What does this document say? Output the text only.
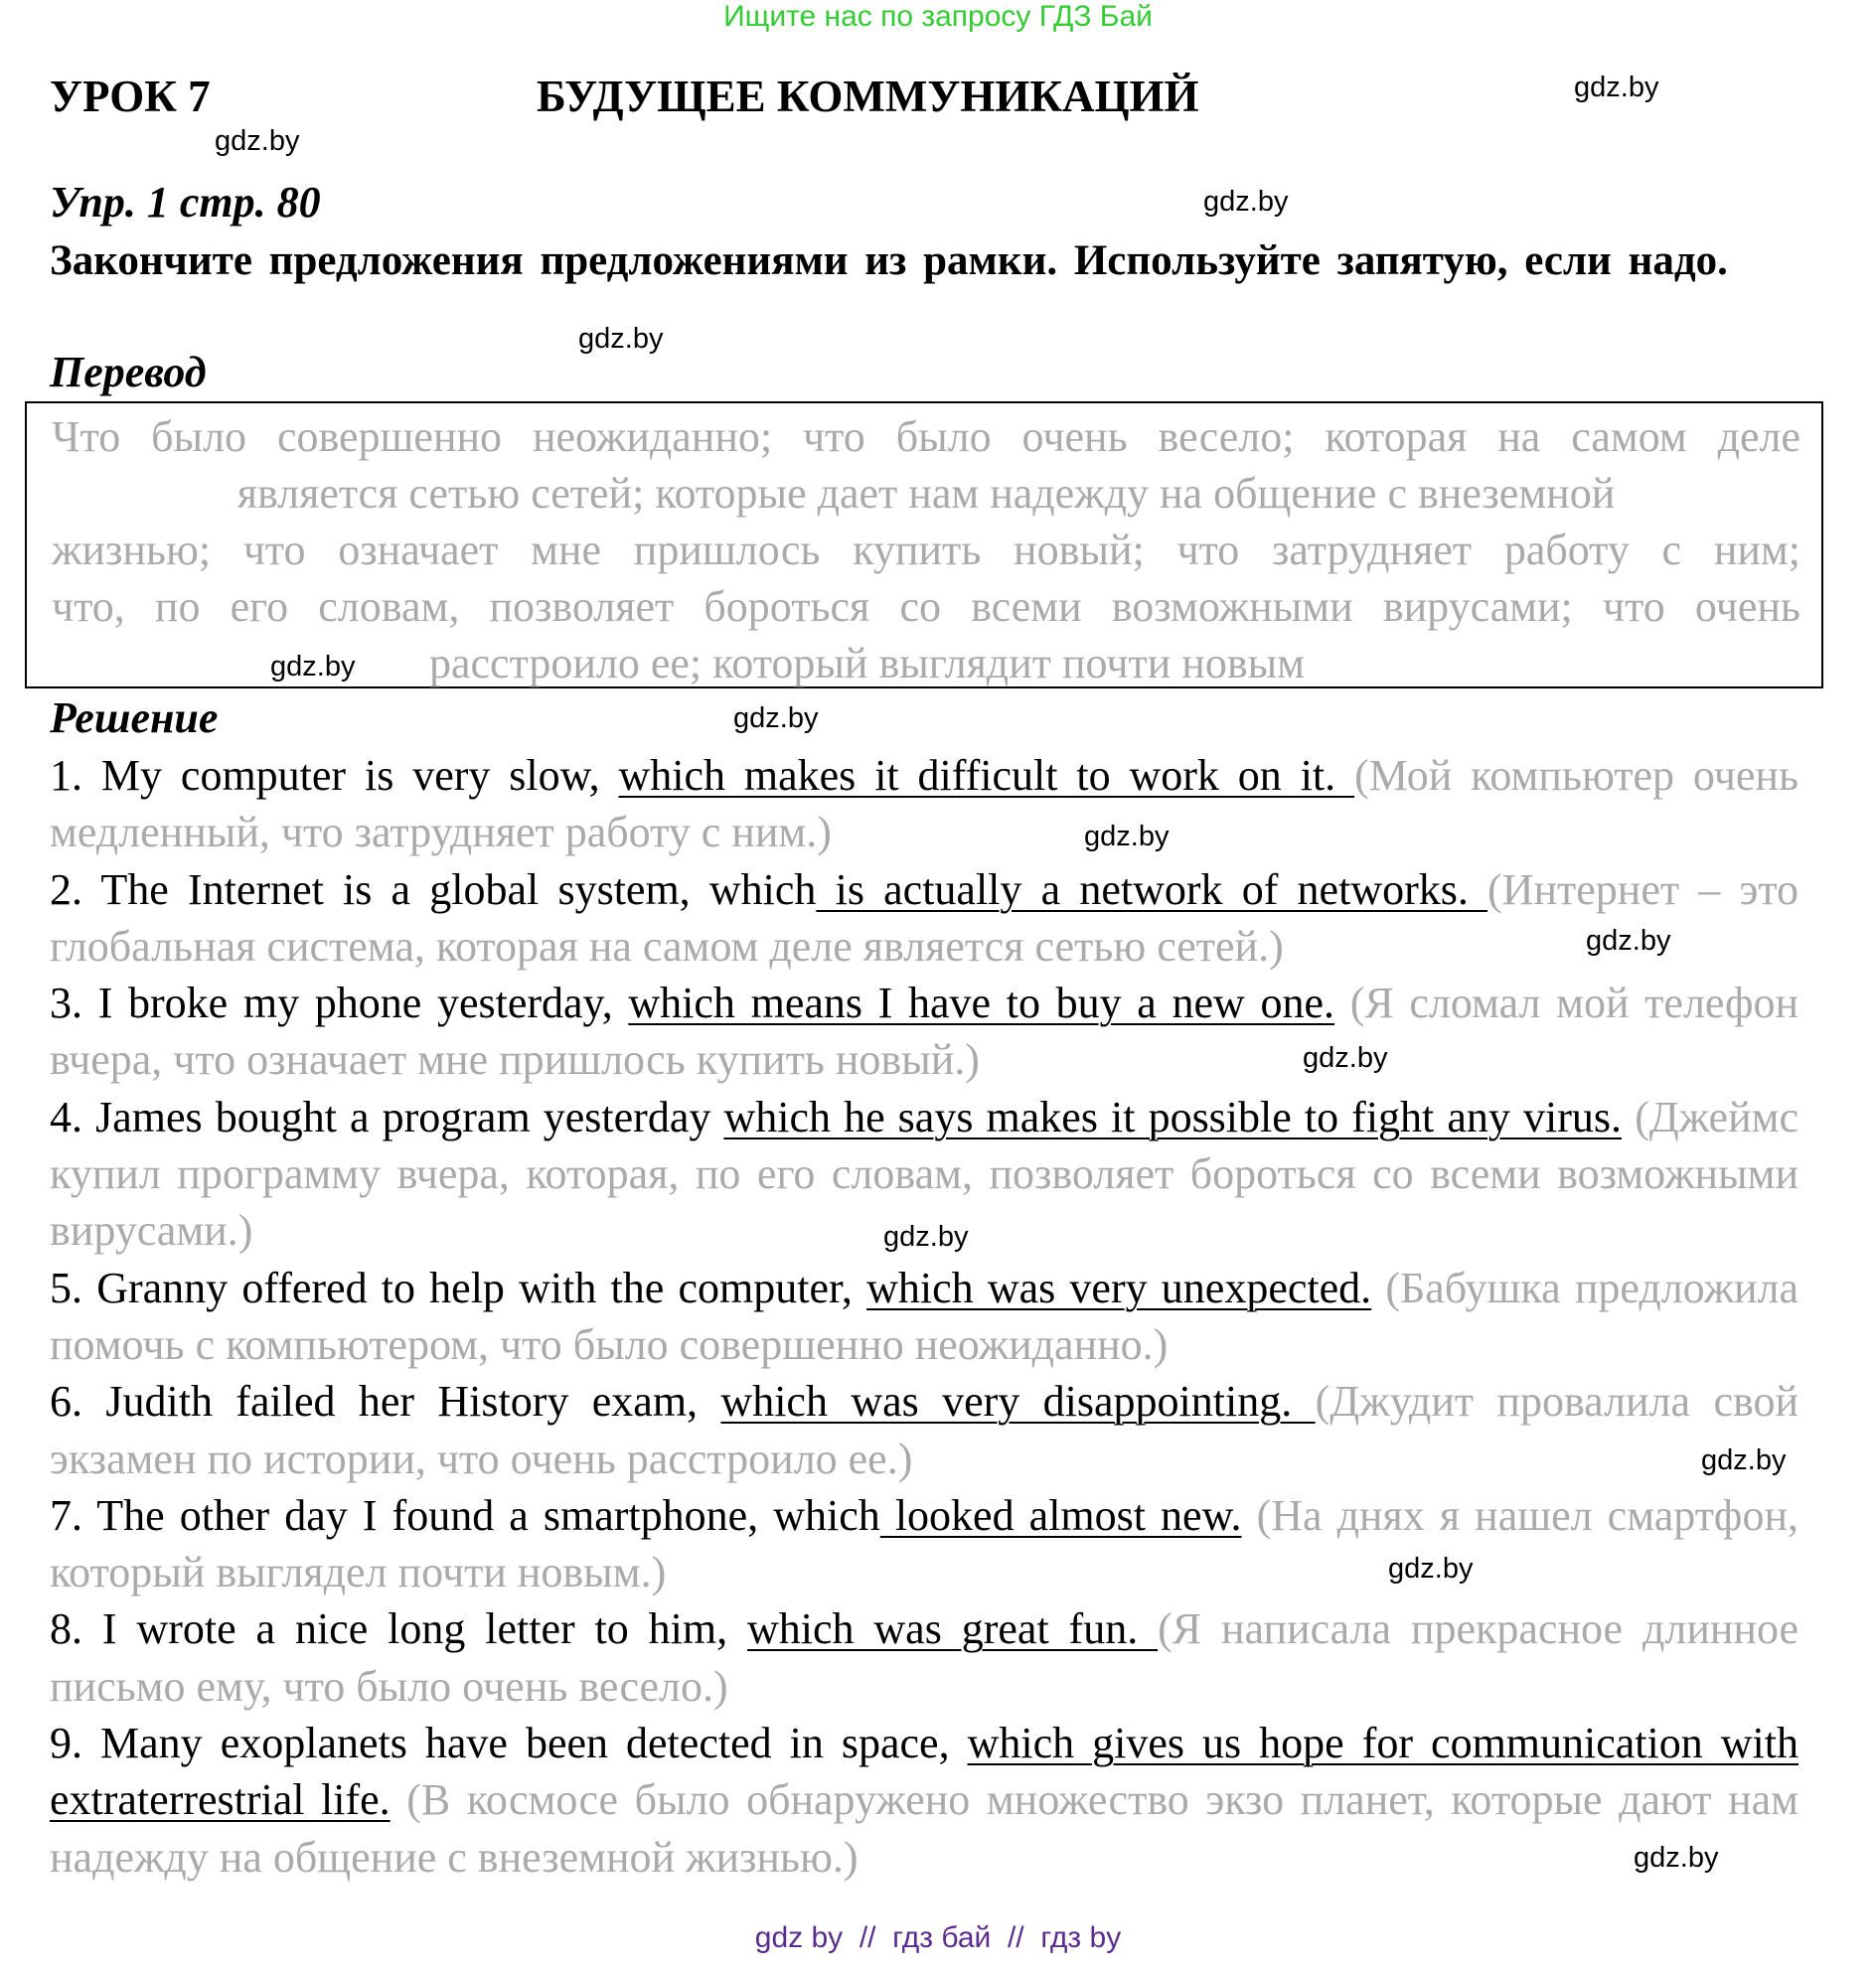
Ищите нас по запросу ГДЗ Бай
УРОК 7	БУДУЩЕЕ КОММУНИКАЦИЙ
Упр. 1 стр. 80
Закончите предложения предложениями из рамки. Используйте запятую, если надо.
Перевод
Что было совершенно неожиданно; что было очень весело; которая на самом деле
является сетью сетей; которые дает нам надежду на общение с внеземной
жизнью; что означает мне пришлось купить новый; что затрудняет работу с ним;
что, по его словам, позволяет бороться со всеми возможными вирусами; что очень
расстроило ее; который выглядит почти новым
Решение

1. My computer is very slow, which makes it difficult to work on it. (Мой компьютер очень медленный, что затрудняет работу с ним.)

2. The Internet is a global system, which is actually a network of networks. (Интернет – это глобальная система, которая на самом деле является сетью сетей.)

3. I broke my phone yesterday, which means I have to buy a new one. (Я сломал мой телефон вчера, что означает мне пришлось купить новый.)

4. James bought a program yesterday which he says makes it possible to fight any virus. (Джеймс купил программу вчера, которая, по его словам, позволяет бороться со всеми возможными вирусами.)

5. Granny offered to help with the computer, which was very unexpected. (Бабушка предложила помочь с компьютером, что было совершенно неожиданно.)

6. Judith failed her History exam, which was very disappointing. (Джудит провалила свой экзамен по истории, что очень расстроило ее.)

7. The other day I found a smartphone, which looked almost new. (На днях я нашел смартфон, который выглядел почти новым.)

8. I wrote a nice long letter to him, which was great fun. (Я написала прекрасное длинное письмо ему, что было очень весело.)

9. Many exoplanets have been detected in space, which gives us hope for communication with extraterrestrial life. (В космосе было обнаружено множество экзо планет, которые дают нам надежду на общение с внеземной жизнью.)

gdz.by
gdz.by
gdz.by
gdz.by
gdz.by
gdz.by
gdz.by
gdz.by
gdz.by
gdz.by
gdz.by
gdz.by
gdz.by
gdz by  //  гдз бай  //  гдз by
